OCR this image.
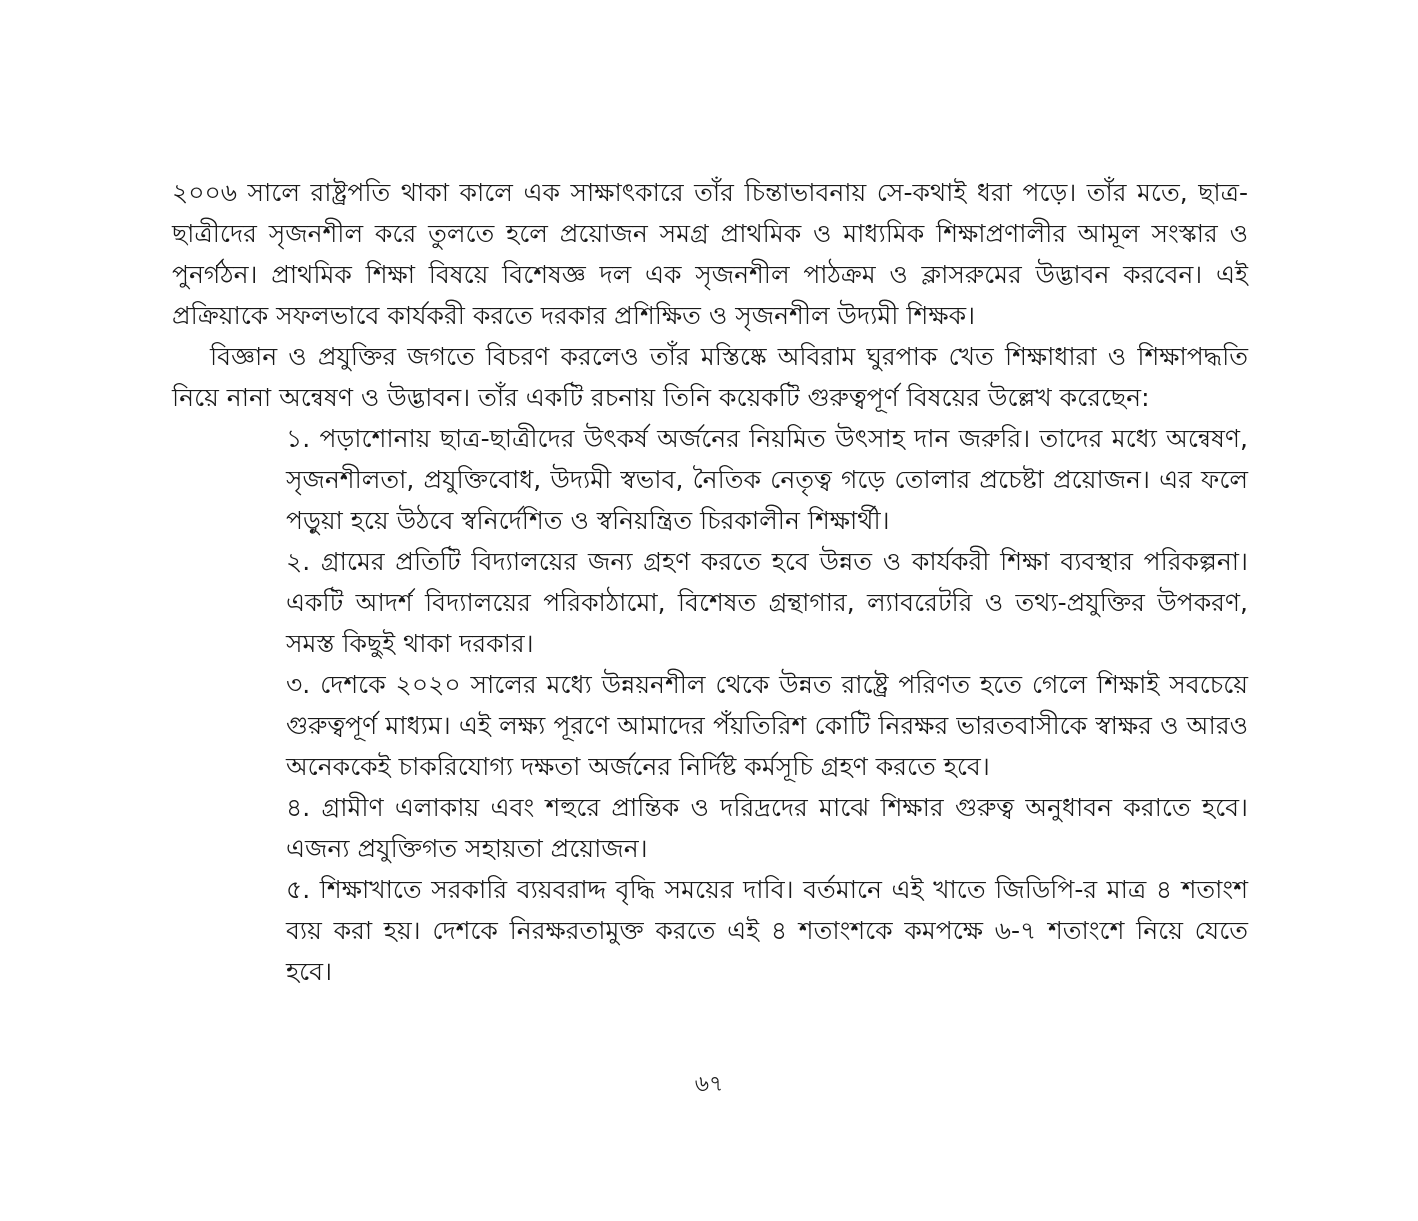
২০০৬ সালে রাষ্ট্রপতি থাকা কালে এক সাক্ষাৎকারে তাঁর চিন্তাভাবনায় সে-কথাই ধরা পড়ে। তাঁর মতে, ছাত্র-ছাত্রীদের সৃজনশীল করে তুলতে হলে প্রয়োজন সমগ্র প্রাথমিক ও মাধ্যমিক শিক্ষাপ্রণালীর আমূল সংস্কার ও পুনর্গঠন। প্রাথমিক শিক্ষা বিষয়ে বিশেষজ্ঞ দল এক সৃজনশীল পাঠক্রম ও ক্লাসরুমের উদ্ভাবন করবেন। এই প্রক্রিয়াকে সফলভাবে কার্যকরী করতে দরকার প্রশিক্ষিত ও সৃজনশীল উদ্যমী শিক্ষক।

বিজ্ঞান ও প্রযুক্তির জগতে বিচরণ করলেও তাঁর মস্তিষ্কে অবিরাম ঘুরপাক খেত শিক্ষাধারা ও শিক্ষাপদ্ধতি নিয়ে নানা অন্বেষণ ও উদ্ভাবন। তাঁর একটি রচনায় তিনি কয়েকটি গুরুত্বপূর্ণ বিষয়ের উল্লেখ করেছেন:

১. পড়াশোনায় ছাত্র-ছাত্রীদের উৎকর্ষ অর্জনের নিয়মিত উৎসাহ দান জরুরি। তাদের মধ্যে অন্বেষণ, সৃজনশীলতা, প্রযুক্তিবোধ, উদ্যমী স্বভাব, নৈতিক নেতৃত্ব গড়ে তোলার প্রচেষ্টা প্রয়োজন। এর ফলে পড়ুয়া হয়ে উঠবে স্বনির্দেশিত ও স্বনিয়ন্ত্রিত চিরকালীন শিক্ষার্থী।
২. গ্রামের প্রতিটি বিদ্যালয়ের জন্য গ্রহণ করতে হবে উন্নত ও কার্যকরী শিক্ষা ব্যবস্থার পরিকল্পনা। একটি আদর্শ বিদ্যালয়ের পরিকাঠামো, বিশেষত গ্রন্থাগার, ল্যাবরেটরি ও তথ্য-প্রযুক্তির উপকরণ, সমস্ত কিছুই থাকা দরকার।
৩. দেশকে ২০২০ সালের মধ্যে উন্নয়নশীল থেকে উন্নত রাষ্ট্রে পরিণত হতে গেলে শিক্ষাই সবচেয়ে গুরুত্বপূর্ণ মাধ্যম। এই লক্ষ্য পূরণে আমাদের পঁয়তিরিশ কোটি নিরক্ষর ভারতবাসীকে স্বাক্ষর ও আরও অনেককেই চাকরিযোগ্য দক্ষতা অর্জনের নির্দিষ্ট কর্মসূচি গ্রহণ করতে হবে।
৪. গ্রামীণ এলাকায় এবং শহুরে প্রান্তিক ও দরিদ্রদের মাঝে শিক্ষার গুরুত্ব অনুধাবন করাতে হবে। এজন্য প্রযুক্তিগত সহায়তা প্রয়োজন।
৫. শিক্ষাখাতে সরকারি ব্যয়বরাদ্দ বৃদ্ধি সময়ের দাবি। বর্তমানে এই খাতে জিডিপি-র মাত্র ৪ শতাংশ ব্যয় করা হয়। দেশকে নিরক্ষরতামুক্ত করতে এই ৪ শতাংশকে কমপক্ষে ৬-৭ শতাংশে নিয়ে যেতে হবে।
৬৭
